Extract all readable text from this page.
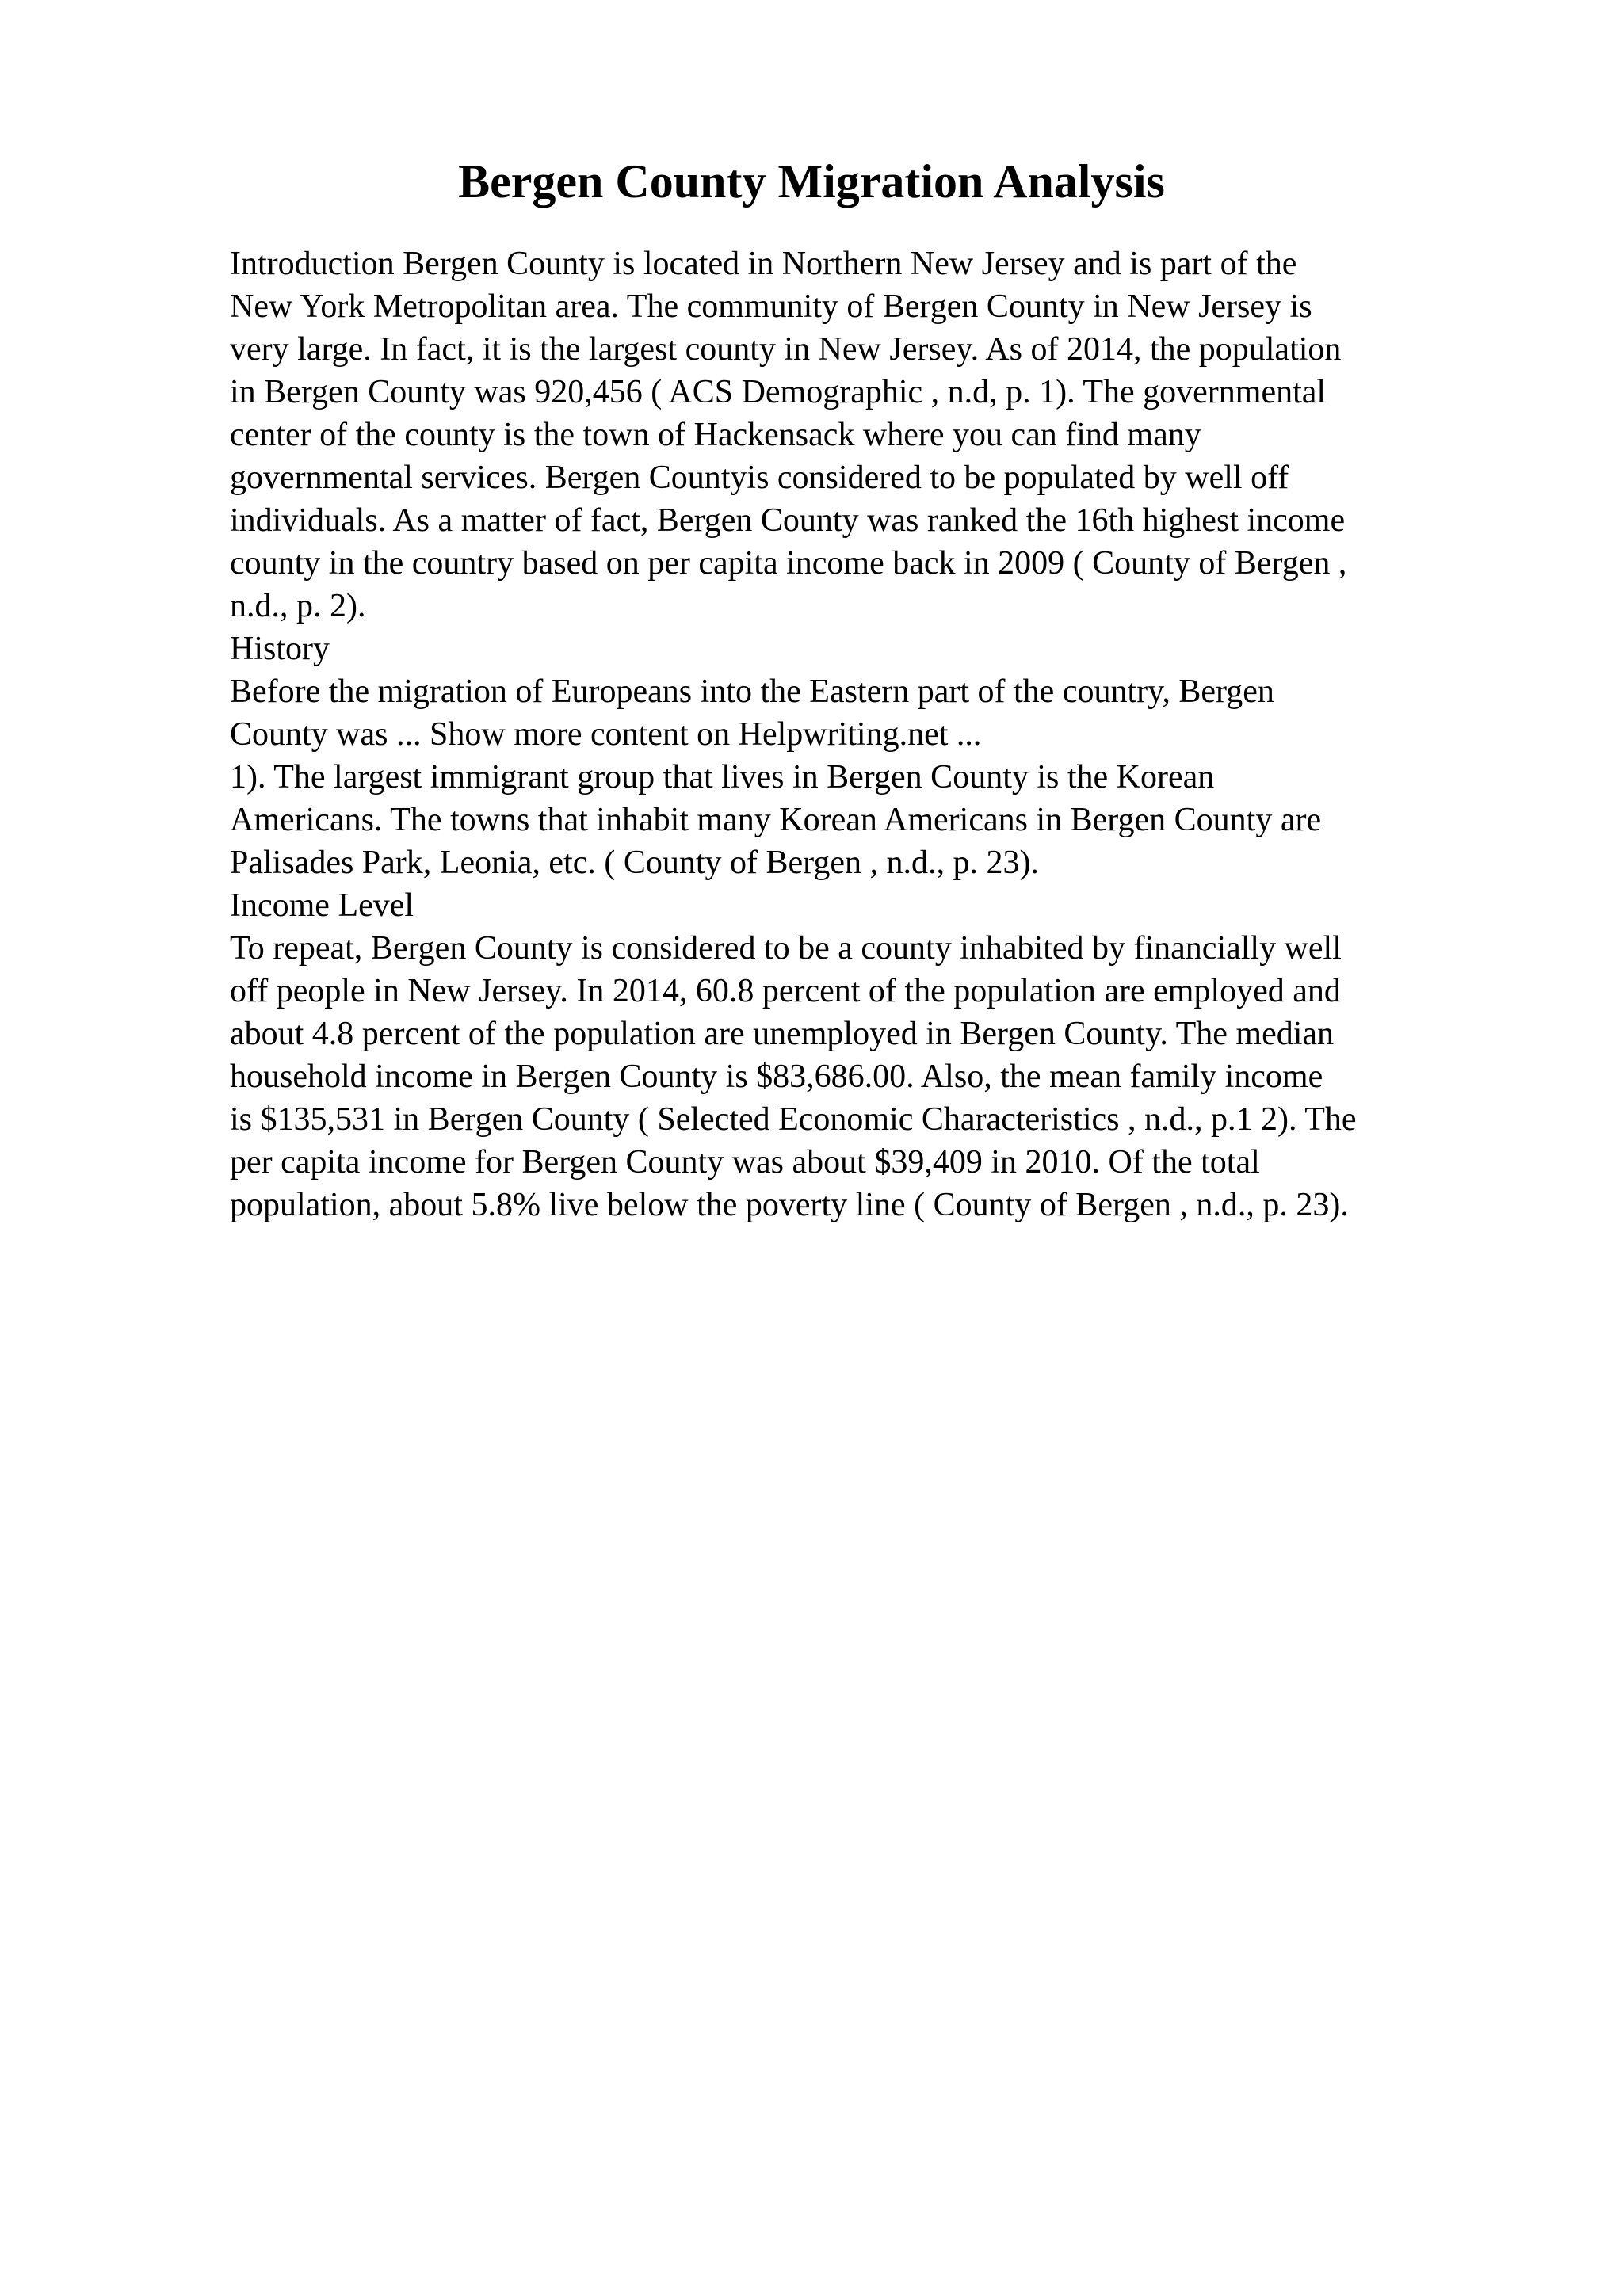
Bergen County Migration Analysis
Introduction Bergen County is located in Northern New Jersey and is part of the
New York Metropolitan area. The community of Bergen County in New Jersey is
very large. In fact, it is the largest county in New Jersey. As of 2014, the population
in Bergen County was 920,456 ( ACS Demographic , n.d, p. 1). The governmental
center of the county is the town of Hackensack where you can find many
governmental services. Bergen Countyis considered to be populated by well off
individuals. As a matter of fact, Bergen County was ranked the 16th highest income
county in the country based on per capita income back in 2009 ( County of Bergen ,
n.d., p. 2).
History
Before the migration of Europeans into the Eastern part of the country, Bergen
County was ... Show more content on Helpwriting.net ...
1). The largest immigrant group that lives in Bergen County is the Korean
Americans. The towns that inhabit many Korean Americans in Bergen County are
Palisades Park, Leonia, etc. ( County of Bergen , n.d., p. 23).
Income Level
To repeat, Bergen County is considered to be a county inhabited by financially well
off people in New Jersey. In 2014, 60.8 percent of the population are employed and
about 4.8 percent of the population are unemployed in Bergen County. The median
household income in Bergen County is $83,686.00. Also, the mean family income
is $135,531 in Bergen County ( Selected Economic Characteristics , n.d., p.1 2). The
per capita income for Bergen County was about $39,409 in 2010. Of the total
population, about 5.8% live below the poverty line ( County of Bergen , n.d., p. 23).
